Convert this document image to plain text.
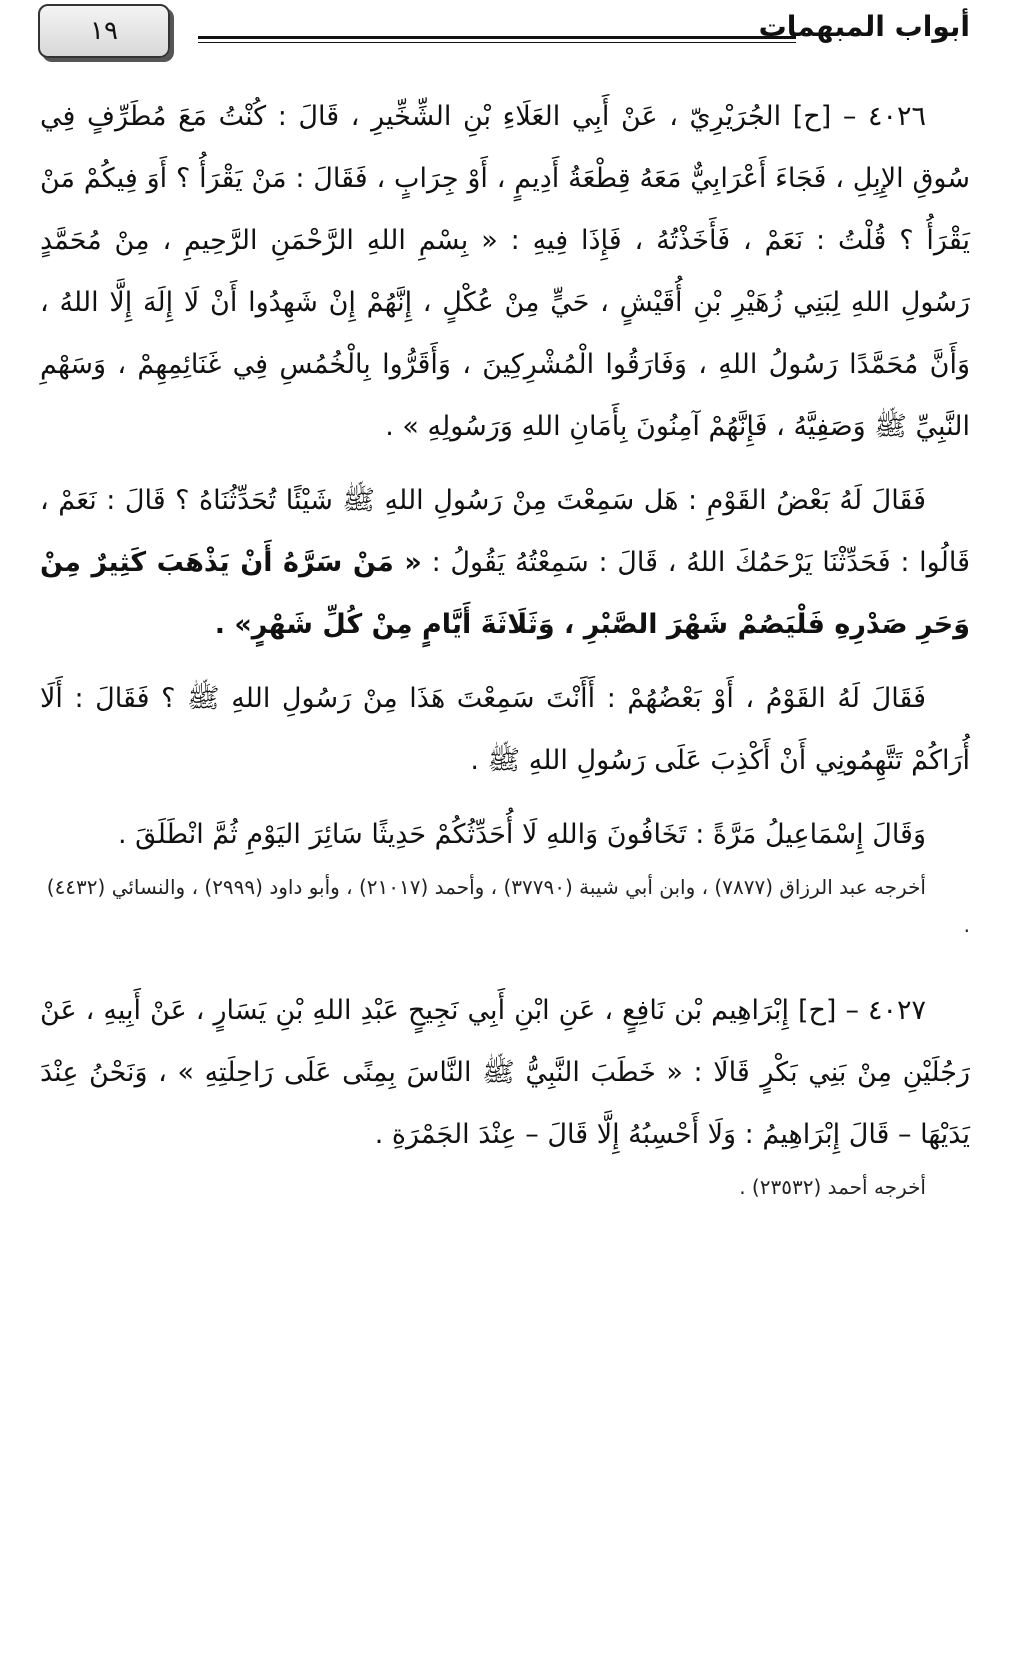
أبواب المبهمات
١٩

٤٠٢٦ – [ح] الجُرَيْرِيّ ، عَنْ أَبِي العَلَاءِ بْنِ الشِّخِّيرِ ، قَالَ : كُنْتُ مَعَ مُطَرِّفٍ فِي سُوقِ الإِبِلِ ، فَجَاءَ أَعْرَابِيٌّ مَعَهُ قِطْعَةُ أَدِيمٍ ، أَوْ جِرَابٍ ، فَقَالَ : مَنْ يَقْرَأُ ؟ أَوَ فِيكُمْ مَنْ يَقْرَأُ ؟ قُلْتُ : نَعَمْ ، فَأَخَذْتُهُ ، فَإِذَا فِيهِ : « بِسْمِ اللهِ الرَّحْمَنِ الرَّحِيمِ ، مِنْ مُحَمَّدٍ رَسُولِ اللهِ لِبَنِي زُهَيْرِ بْنِ أُقَيْشٍ ، حَيٍّ مِنْ عُكْلٍ ، إِنَّهُمْ إِنْ شَهِدُوا أَنْ لَا إِلَهَ إِلَّا اللهُ ، وَأَنَّ مُحَمَّدًا رَسُولُ اللهِ ، وَفَارَقُوا الْمُشْرِكِينَ ، وَأَقَرُّوا بِالْخُمُسِ فِي غَنَائِمِهِمْ ، وَسَهْمِ النَّبِيِّ ﷺ وَصَفِيَّهُ ، فَإِنَّهُمْ آمِنُونَ بِأَمَانِ اللهِ وَرَسُولِهِ » .

فَقَالَ لَهُ بَعْضُ القَوْمِ : هَل سَمِعْتَ مِنْ رَسُولِ اللهِ ﷺ شَيْئًا تُحَدِّثُنَاهُ ؟ قَالَ : نَعَمْ ، قَالُوا : فَحَدِّثْنَا يَرْحَمُكَ اللهُ ، قَالَ : سَمِعْتُهُ يَقُولُ : « مَنْ سَرَّهُ أَنْ يَذْهَبَ كَثِيرٌ مِنْ وَحَرِ صَدْرِهِ فَلْيَصُمْ شَهْرَ الصَّبْرِ ، وَثَلَاثَةَ أَيَّامٍ مِنْ كُلِّ شَهْرٍ» .

فَقَالَ لَهُ القَوْمُ ، أَوْ بَعْضُهُمْ : أَأَنْتَ سَمِعْتَ هَذَا مِنْ رَسُولِ اللهِ ﷺ ؟ فَقَالَ : أَلَا أُرَاكُمْ تَتَّهِمُونِي أَنْ أَكْذِبَ عَلَى رَسُولِ اللهِ ﷺ .

وَقَالَ إِسْمَاعِيلُ مَرَّةً : تَخَافُونَ وَاللهِ لَا أُحَدِّثُكُمْ حَدِيثًا سَائِرَ اليَوْمِ ثُمَّ انْطَلَقَ .

أخرجه عبد الرزاق (٧٨٧٧) ، وابن أبي شيبة (٣٧٧٩٠) ، وأحمد (٢١٠١٧) ، وأبو داود (٢٩٩٩) ، والنسائي (٤٤٣٢) .

٤٠٢٧ – [ح] إِبْرَاهِيم بْن نَافِعٍ ، عَنِ ابْنِ أَبِي نَجِيحٍ عَبْدِ اللهِ بْنِ يَسَارٍ ، عَنْ أَبِيهِ ، عَنْ رَجُلَيْنِ مِنْ بَنِي بَكْرٍ قَالَا : « خَطَبَ النَّبِيُّ ﷺ النَّاسَ بِمِنًى عَلَى رَاحِلَتِهِ » ، وَنَحْنُ عِنْدَ يَدَيْهَا – قَالَ إِبْرَاهِيمُ : وَلَا أَحْسِبُهُ إِلَّا قَالَ – عِنْدَ الجَمْرَةِ .

أخرجه أحمد (٢٣٥٣٢) .
